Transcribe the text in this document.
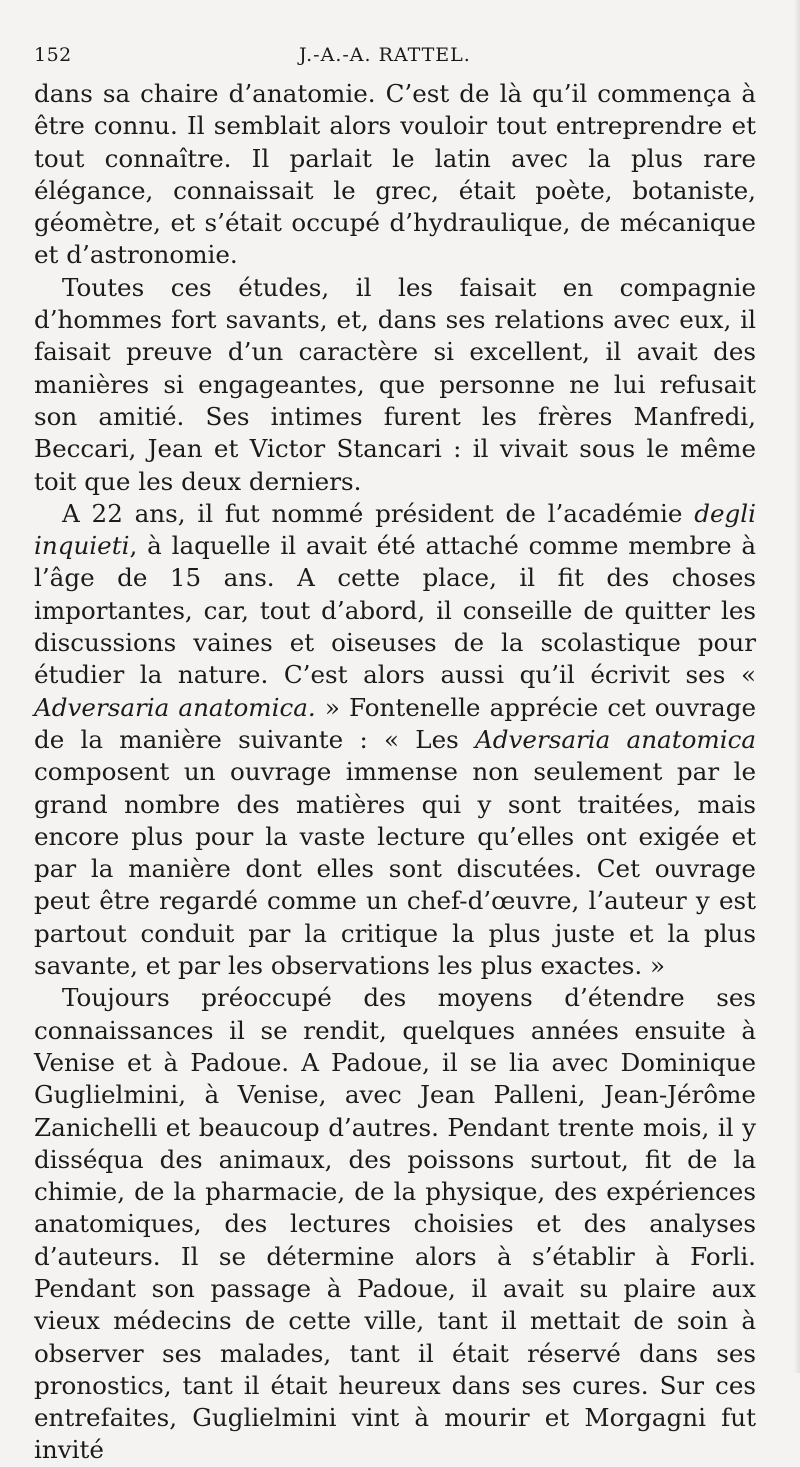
152	J.-A.-A. RATTEL.

dans sa chaire d’anatomie. C’est de là qu’il commença à être connu. Il semblait alors vouloir tout entreprendre et tout connaître. Il parlait le latin avec la plus rare élégance, connaissait le grec, était poète, botaniste, géomètre, et s’était occupé d’hydraulique, de mécanique et d’astronomie.

Toutes ces études, il les faisait en compagnie d’hommes fort savants, et, dans ses relations avec eux, il faisait preuve d’un caractère si excellent, il avait des manières si engageantes, que personne ne lui refusait son amitié. Ses intimes furent les frères Manfredi, Beccari, Jean et Victor Stancari : il vivait sous le même toit que les deux derniers.

A 22 ans, il fut nommé président de l’académie degli inquieti, à laquelle il avait été attaché comme membre à l’âge de 15 ans. A cette place, il fit des choses importantes, car, tout d’abord, il conseille de quitter les discussions vaines et oiseuses de la scolastique pour étudier la nature. C’est alors aussi qu’il écrivit ses « Adversaria anatomica. » Fontenelle apprécie cet ouvrage de la manière suivante : « Les Adversaria anatomica composent un ouvrage immense non seulement par le grand nombre des matières qui y sont traitées, mais encore plus pour la vaste lecture qu’elles ont exigée et par la manière dont elles sont discutées. Cet ouvrage peut être regardé comme un chef-d’œuvre, l’auteur y est partout conduit par la critique la plus juste et la plus savante, et par les observations les plus exactes. »

Toujours préoccupé des moyens d’étendre ses connaissances il se rendit, quelques années ensuite à Venise et à Padoue. A Padoue, il se lia avec Dominique Guglielmini, à Venise, avec Jean Palleni, Jean-Jérôme Zanichelli et beaucoup d’autres. Pendant trente mois, il y disséqua des animaux, des poissons surtout, fit de la chimie, de la pharmacie, de la physique, des expériences anatomiques, des lectures choisies et des analyses d’auteurs. Il se détermine alors à s’établir à Forli. Pendant son passage à Padoue, il avait su plaire aux vieux médecins de cette ville, tant il mettait de soin à observer ses malades, tant il était réservé dans ses pronostics, tant il était heureux dans ses cures. Sur ces entrefaites, Guglielmini vint à mourir et Morgagni fut invité
